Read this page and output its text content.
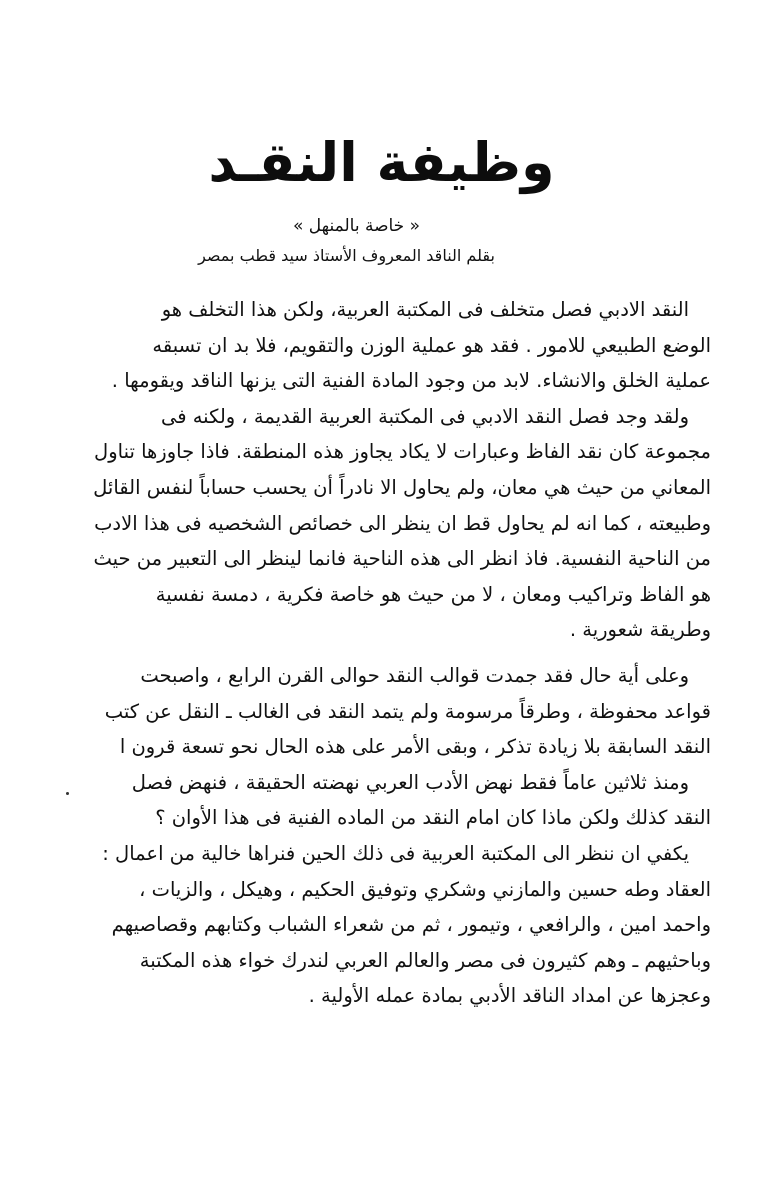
وظيفة النقـد
« خاصة بالمنهل »
بقلم الناقد المعروف الأستاذ سيد قطب بمصر
النقد الادبي فصل متخلف فى المكتبة العربية، ولكن هذا التخلف هو
الوضع الطبيعي للامور . فقد هو عملية الوزن والتقويم، فلا بد ان تسبقه
عملية الخلق والانشاء. لابد من وجود المادة الفنية التى يزنها الناقد ويقومها .
ولقد وجد فصل النقد الادبي فى المكتبة العربية القديمة ، ولكنه فى
مجموعة كان نقد الفاظ وعبارات لا يكاد يجاوز هذه المنطقة. فاذا جاوزها تناول
المعاني من حيث هي معان، ولم يحاول الا نادراً أن يحسب حساباً لنفس القائل
وطبيعته ، كما انه لم يحاول قط ان ينظر الى خصائص الشخصيه فى هذا الادب
من الناحية النفسية. فاذ انظر الى هذه الناحية فانما لينظر الى التعبير من حيث
هو الفاظ وتراكيب ومعان ، لا من حيث هو خاصة فكرية ، دمسة نفسية
وطريقة شعورية .
وعلى أية حال فقد جمدت قوالب النقد حوالى القرن الرابع ، واصبحت
قواعد محفوظة ، وطرقاً مرسومة ولم يتمد النقد فى الغالب ـ النقل عن كتب
النقد السابقة بلا زيادة تذكر ، وبقى الأمر على هذه الحال نحو تسعة قرون ا
ومنذ ثلاثين عاماً فقط نهض الأدب العربي نهضته الحقيقة ، فنهض فصل
النقد كذلك ولكن ماذا كان امام النقد من الماده الفنية فى هذا الأوان ؟
يكفي ان ننظر الى المكتبة العربية فى ذلك الحين فنراها خالية من اعمال :
العقاد وطه حسين والمازني وشكري وتوفيق الحكيم ، وهيكل ، والزيات ،
واحمد امين ، والرافعي ، وتيمور ، ثم من شعراء الشباب وكتابهم وقصاصيهم
وباحثيهم ـ وهم كثيرون فى مصر والعالم العربي لندرك خواء هذه المكتبة
وعجزها عن امداد الناقد الأدبي بمادة عمله الأولية .
